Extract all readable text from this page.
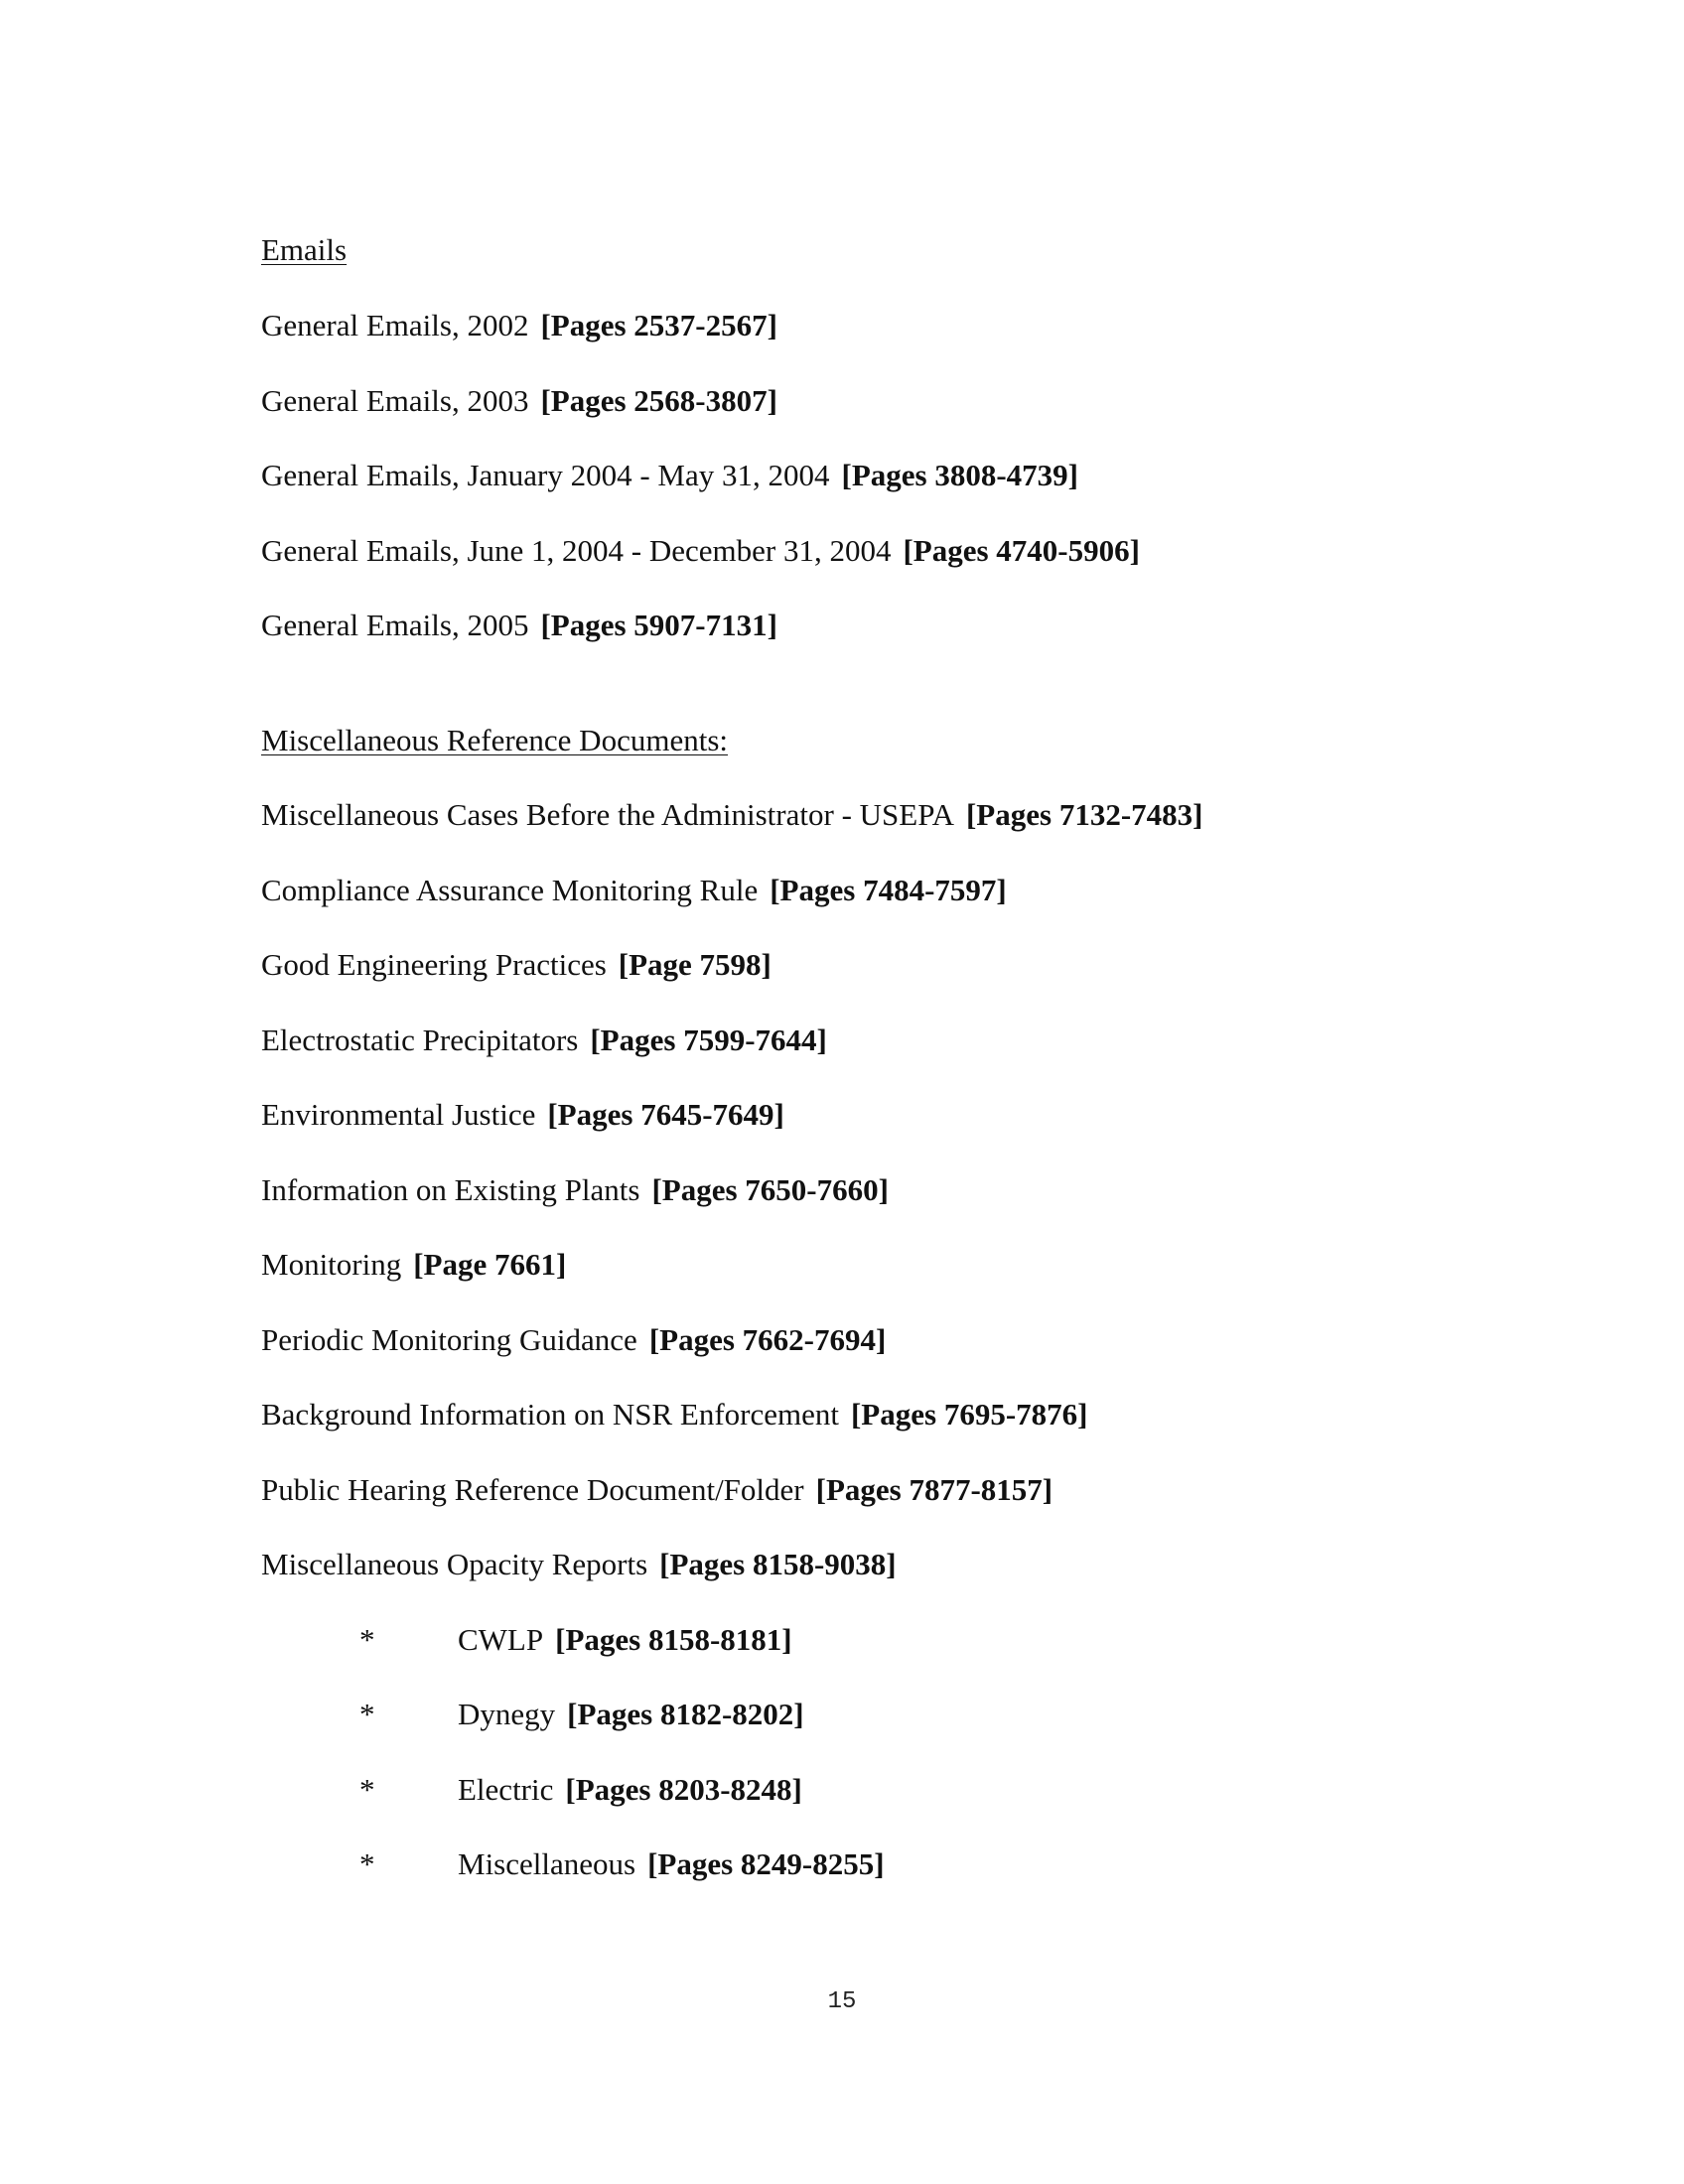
Emails
General Emails, 2002 [Pages 2537-2567]
General Emails, 2003 [Pages 2568-3807]
General Emails, January 2004 - May 31, 2004 [Pages 3808-4739]
General Emails, June 1, 2004 - December 31, 2004 [Pages 4740-5906]
General Emails, 2005 [Pages 5907-7131]
Miscellaneous Reference Documents:
Miscellaneous Cases Before the Administrator - USEPA [Pages 7132-7483]
Compliance Assurance Monitoring Rule [Pages 7484-7597]
Good Engineering Practices [Page 7598]
Electrostatic Precipitators [Pages 7599-7644]
Environmental Justice [Pages 7645-7649]
Information on Existing Plants [Pages 7650-7660]
Monitoring [Page 7661]
Periodic Monitoring Guidance [Pages 7662-7694]
Background Information on NSR Enforcement [Pages 7695-7876]
Public Hearing Reference Document/Folder [Pages 7877-8157]
Miscellaneous Opacity Reports [Pages 8158-9038]
*	CWLP [Pages 8158-8181]
*	Dynegy [Pages 8182-8202]
*	Electric [Pages 8203-8248]
*	Miscellaneous [Pages 8249-8255]
15
